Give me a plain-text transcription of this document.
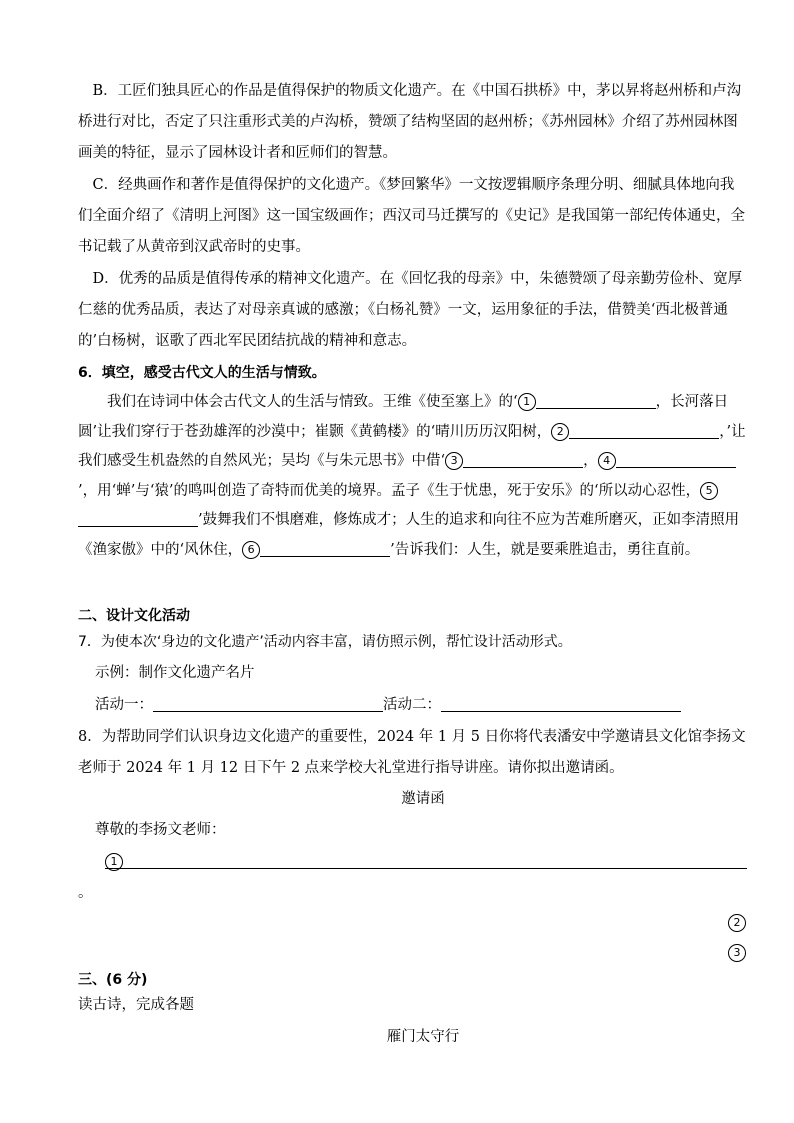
B．工匠们独具匠心的作品是值得保护的物质文化遗产。在《中国石拱桥》中，茅以昇将赵州桥和卢沟桥进行对比，否定了只注重形式美的卢沟桥，赞颂了结构坚固的赵州桥；《苏州园林》介绍了苏州园林图画美的特征，显示了园林设计者和匠师们的智慧。
C．经典画作和著作是值得保护的文化遗产。《梦回繁华》一文按逻辑顺序条理分明、细腻具体地向我们全面介绍了《清明上河图》这一国宝级画作；西汉司马迁撰写的《史记》是我国第一部纪传体通史，全书记载了从黄帝到汉武帝时的史事。
D．优秀的品质是值得传承的精神文化遗产。在《回忆我的母亲》中，朱德赞颂了母亲勤劳俭朴、宽厚仁慈的优秀品质，表达了对母亲真诚的感激；《白杨礼赞》一文，运用象征的手法，借赞美‘西北极普通的’白杨树，讴歌了西北军民团结抗战的精神和意志。
6．填空，感受古代文人的生活与情致。
我们在诗词中体会古代文人的生活与情致。王维《使至塞上》的‘ 1	，长河落日圆’让我们穿行于苍劲雄浑的沙漠中；崔颢《黄鹤楼》的‘晴川历历汉阳树， 2	，’让我们感受生机盎然的自然风光；吴均《与朱元思书》中借‘ 3	， 4’，用‘蝉’与‘猿’的鸣叫创造了奇特而优美的境界。孟子《生于忧患，死于安乐》的‘所以动心忍性， 5’鼓舞我们不惧磨难，修炼成才；人生的追求和向往不应为苦难所磨灭，正如李清照用《渔家傲》中的‘风休住， 6	’告诉我们：人生，就是要乘胜追击，勇往直前。
二、设计文化活动
7．为使本次‘身边的文化遗产’活动内容丰富，请仿照示例，帮忙设计活动形式。
示例：制作文化遗产名片
活动一：	活动二：
8．为帮助同学们认识身边文化遗产的重要性，2024 年 1 月 5 日你将代表潘安中学邀请县文化馆李扬文老师于 2024 年 1 月 12 日下午 2 点来学校大礼堂进行指导讲座。请你拟出邀请函。
邀请函
尊敬的李扬文老师：
1
。
2
3
三、(6 分)
读古诗，完成各题
雁门太守行
